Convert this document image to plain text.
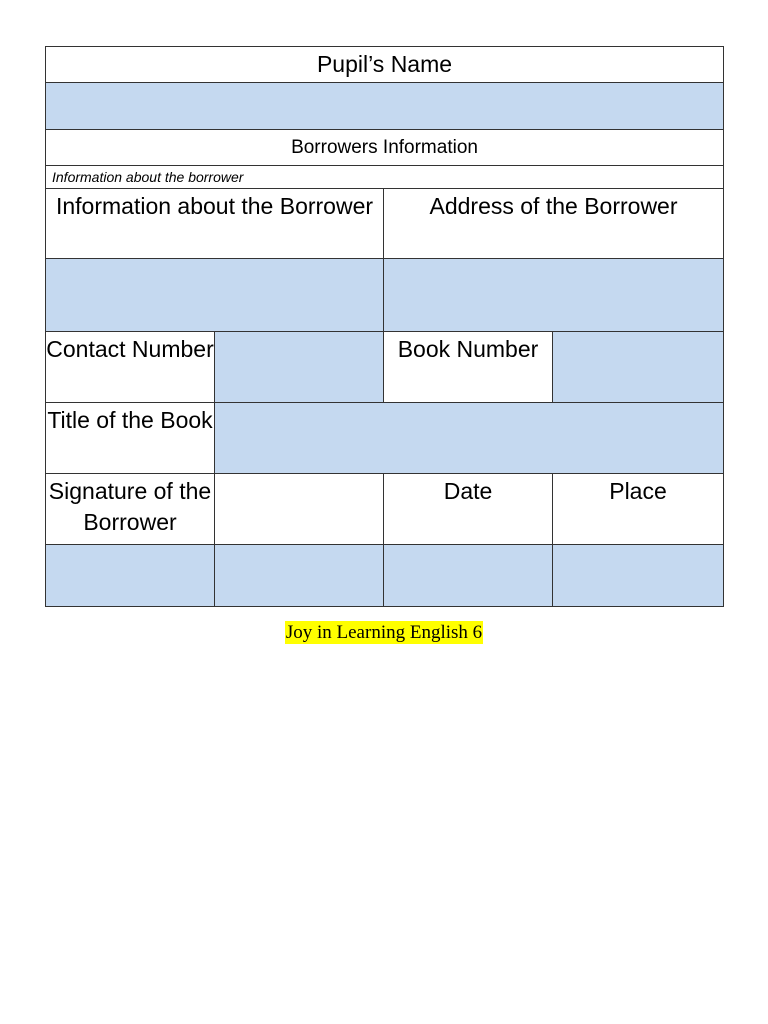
Pupil’s Name			

Borrowers Information			
Information about the borrower			
Information about the Borrower		Address of the Borrower	

Contact Number		Book Number	
Title of the Book			
Signature of the Borrower		Date	Place

Joy in Learning English 6
